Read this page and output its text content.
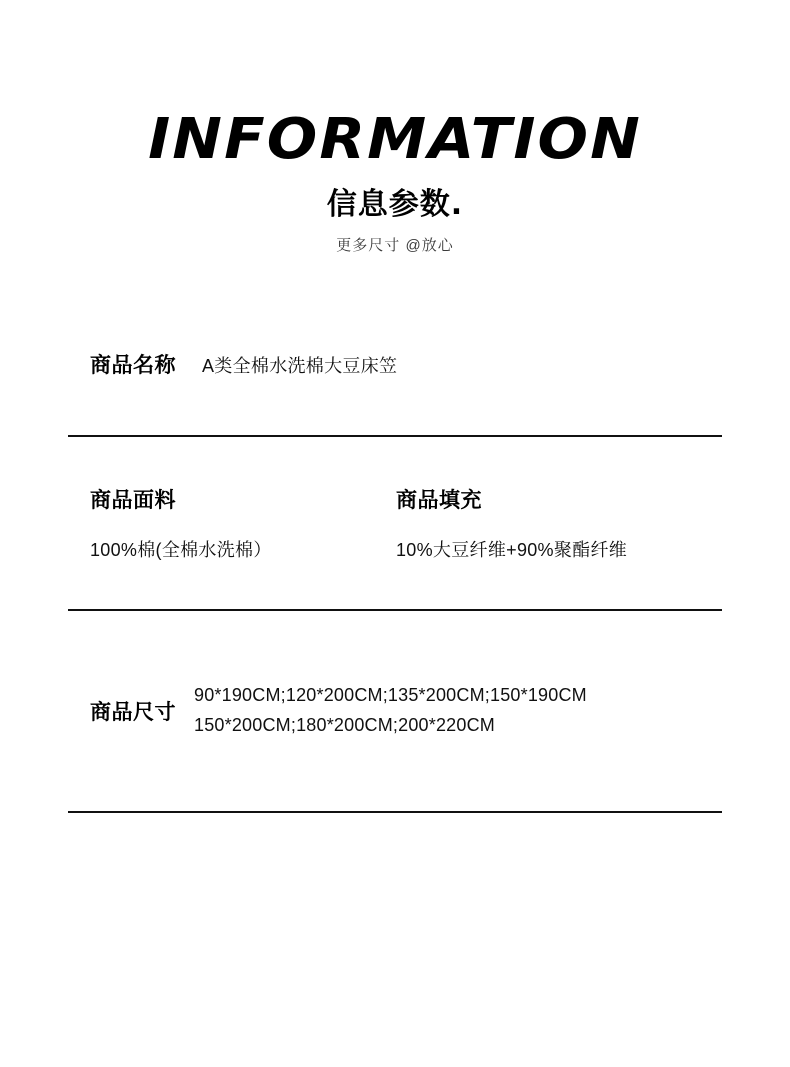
INFORMATION
信息参数.
更多尺寸 @放心
商品名称 A类全棉水洗棉大豆床笠
商品面料
100%棉(全棉水洗棉）
商品填充
10%大豆纤维+90%聚酯纤维
商品尺寸
90*190CM;120*200CM;135*200CM;150*190CM
150*200CM;180*200CM;200*220CM
